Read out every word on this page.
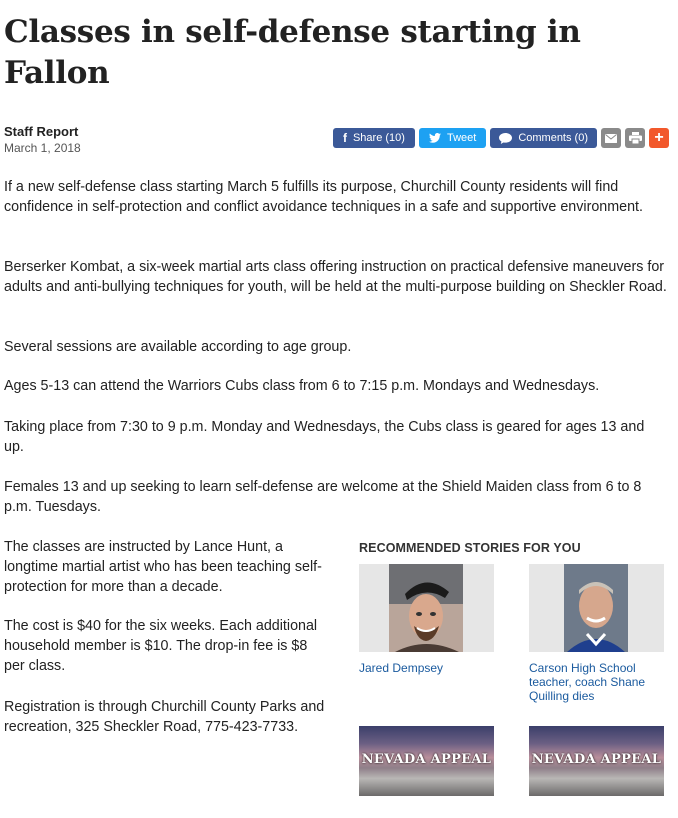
Classes in self-defense starting in Fallon
Staff Report
March 1, 2018
f Share (10)	Tweet	Comments (0)	+

If a new self-defense class starting March 5 fulfills its purpose, Churchill County residents will find confidence in self-protection and conflict avoidance techniques in a safe and supportive environment.

Berserker Kombat, a six-week martial arts class offering instruction on practical defensive maneuvers for adults and anti-bullying techniques for youth, will be held at the multi-purpose building on Sheckler Road.

Several sessions are available according to age group.

Ages 5-13 can attend the Warriors Cubs class from 6 to 7:15 p.m. Mondays and Wednesdays.

Taking place from 7:30 to 9 p.m. Monday and Wednesdays, the Cubs class is geared for ages 13 and up.

Females 13 and up seeking to learn self-defense are welcome at the Shield Maiden class from 6 to 8 p.m. Tuesdays.

The classes are instructed by Lance Hunt, a longtime martial artist who has been teaching self-protection for more than a decade.

The cost is $40 for the six weeks. Each additional household member is $10. The drop-in fee is $8 per class.

Registration is through Churchill County Parks and recreation, 325 Sheckler Road, 775-423-7733.

RECOMMENDED STORIES FOR YOU
Jared Dempsey	Carson High School teacher, coach Shane Quilling dies
NEVADA APPEAL	NEVADA APPEAL
